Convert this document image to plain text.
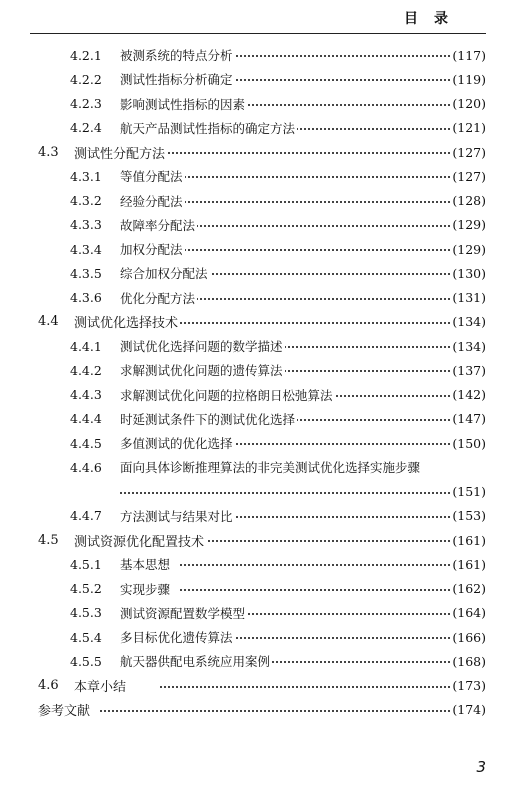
目录
4.2.1 被测系统的特点分析	(117)
4.2.2 测试性指标分析确定	(119)
4.2.3 影响测试性指标的因素	(120)
4.2.4 航天产品测试性指标的确定方法	(121)
4.3 测试性分配方法	(127)
4.3.1 等值分配法	(127)
4.3.2 经验分配法	(128)
4.3.3 故障率分配法	(129)
4.3.4 加权分配法	(129)
4.3.5 综合加权分配法	(130)
4.3.6 优化分配方法	(131)
4.4 测试优化选择技术	(134)
4.4.1 测试优化选择问题的数学描述	(134)
4.4.2 求解测试优化问题的遗传算法	(137)
4.4.3 求解测试优化问题的拉格朗日松弛算法	(142)
4.4.4 时延测试条件下的测试优化选择	(147)
4.4.5 多值测试的优化选择	(150)
4.4.6 面向具体诊断推理算法的非完美测试优化选择实施步骤
(151)
4.4.7 方法测试与结果对比	(153)
4.5 测试资源优化配置技术	(161)
4.5.1 基本思想	(161)
4.5.2 实现步骤	(162)
4.5.3 测试资源配置数学模型	(164)
4.5.4 多目标优化遗传算法	(166)
4.5.5 航天器供配电系统应用案例	(168)
4.6 本章小结	(173)
参考文献	(174)
3
